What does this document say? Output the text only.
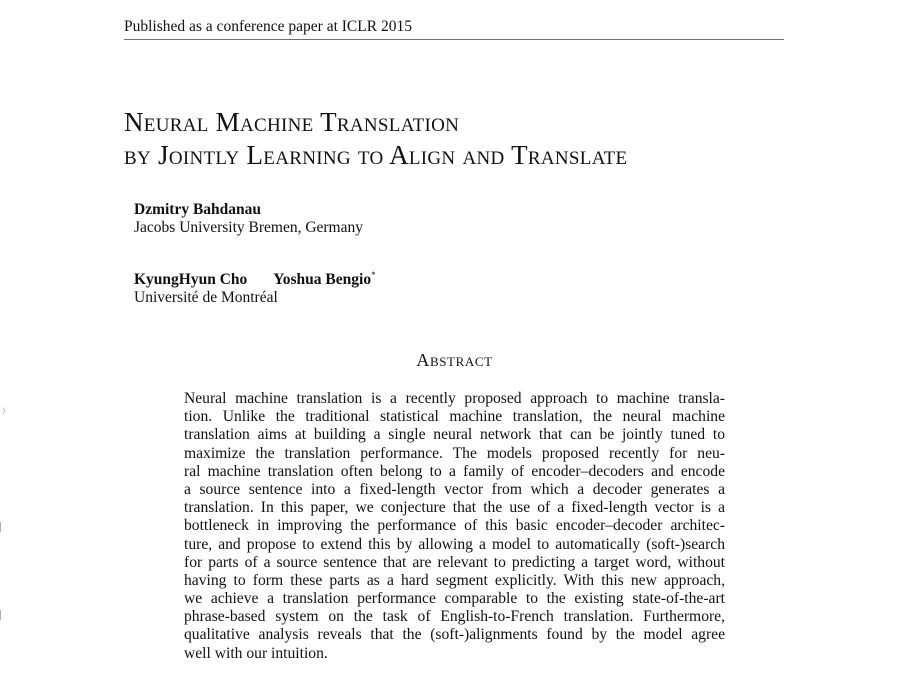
Published as a conference paper at ICLR 2015
Neural Machine Translation
by Jointly Learning to Align and Translate
Dzmitry Bahdanau
Jacobs University Bremen, Germany
KyungHyun Cho Yoshua Bengio*
Université de Montréal
Abstract
Neural machine translation is a recently proposed approach to machine transla-
tion. Unlike the traditional statistical machine translation, the neural machine
translation aims at building a single neural network that can be jointly tuned to
maximize the translation performance. The models proposed recently for neu-
ral machine translation often belong to a family of encoder–decoders and encode
a source sentence into a fixed-length vector from which a decoder generates a
translation. In this paper, we conjecture that the use of a fixed-length vector is a
bottleneck in improving the performance of this basic encoder–decoder architec-
ture, and propose to extend this by allowing a model to automatically (soft-)search
for parts of a source sentence that are relevant to predicting a target word, without
having to form these parts as a hard segment explicitly. With this new approach,
we achieve a translation performance comparable to the existing state-of-the-art
phrase-based system on the task of English-to-French translation. Furthermore,
qualitative analysis reveals that the (soft-)alignments found by the model agree
well with our intuition.
